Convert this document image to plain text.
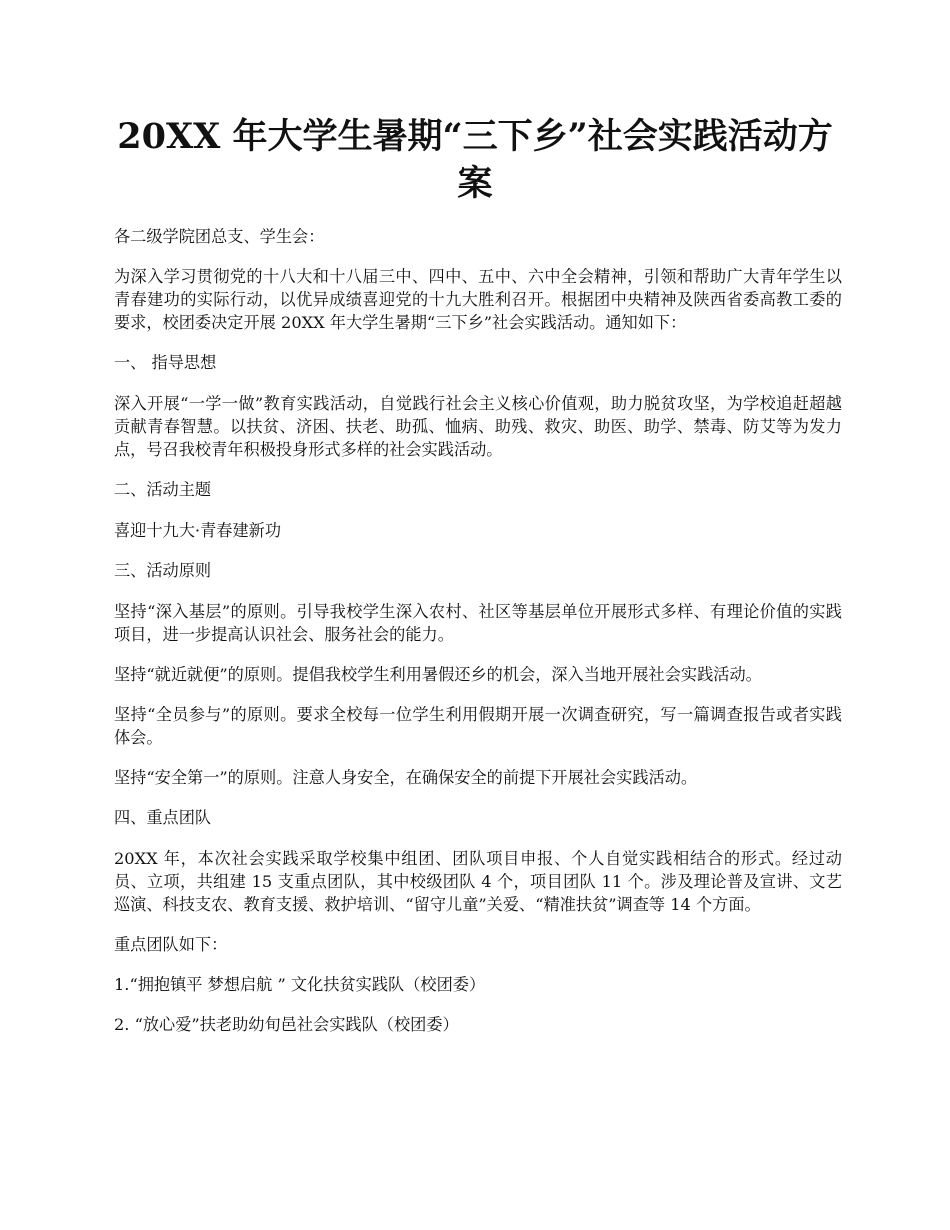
20XX 年大学生暑期“三下乡”社会实践活动方案

各二级学院团总支、学生会：

为深入学习贯彻党的十八大和十八届三中、四中、五中、六中全会精神，引领和帮助广大青年学生以青春建功的实际行动，以优异成绩喜迎党的十九大胜利召开。根据团中央精神及陕西省委高教工委的要求，校团委决定开展 20XX 年大学生暑期“三下乡”社会实践活动。通知如下：

一、 指导思想

深入开展“一学一做”教育实践活动，自觉践行社会主义核心价值观，助力脱贫攻坚，为学校追赶超越贡献青春智慧。以扶贫、济困、扶老、助孤、恤病、助残、救灾、助医、助学、禁毒、防艾等为发力点，号召我校青年积极投身形式多样的社会实践活动。

二、活动主题

喜迎十九大·青春建新功

三、活动原则

坚持“深入基层”的原则。引导我校学生深入农村、社区等基层单位开展形式多样、有理论价值的实践项目，进一步提高认识社会、服务社会的能力。

坚持“就近就便”的原则。提倡我校学生利用暑假还乡的机会，深入当地开展社会实践活动。

坚持“全员参与”的原则。要求全校每一位学生利用假期开展一次调查研究，写一篇调查报告或者实践体会。

坚持“安全第一”的原则。注意人身安全，在确保安全的前提下开展社会实践活动。

四、重点团队

20XX 年，本次社会实践采取学校集中组团、团队项目申报、个人自觉实践相结合的形式。经过动员、立项，共组建 15 支重点团队，其中校级团队 4 个，项目团队 11 个。涉及理论普及宣讲、文艺巡演、科技支农、教育支援、救护培训、“留守儿童”关爱、“精准扶贫”调查等 14 个方面。

重点团队如下：

1.“拥抱镇平 梦想启航 ” 文化扶贫实践队（校团委）

2. “放心爱”扶老助幼旬邑社会实践队（校团委）
